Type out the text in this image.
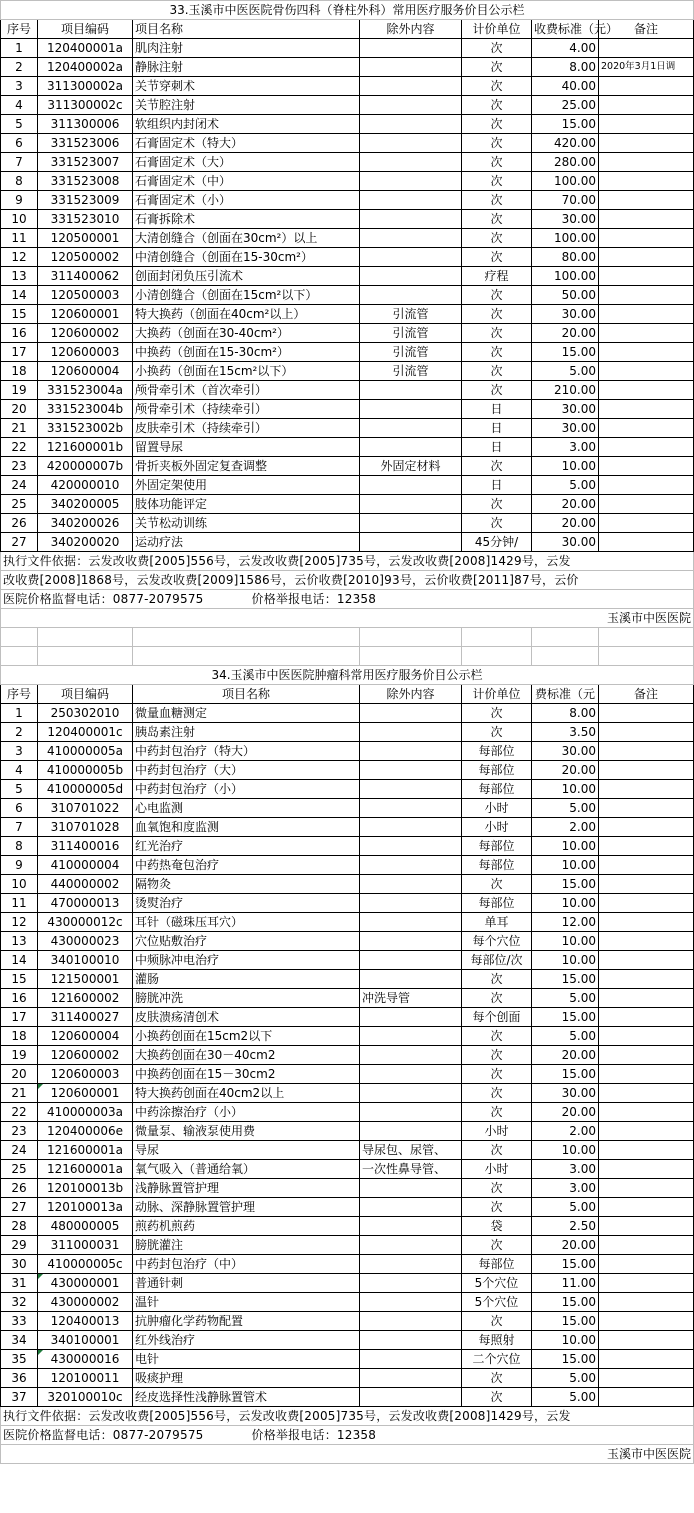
33.玉溪市中医医院骨伤四科（脊柱外科）常用医疗服务价目公示栏						
序号	项目编码	项目名称	除外内容	计价单位	收费标准（元）	备注
1	120400001a	肌肉注射		次	4.00	
2	120400002a	静脉注射		次	8.00	2020年3月1日调
3	311300002a	关节穿刺术		次	40.00	
4	311300002c	关节腔注射		次	25.00	
5	311300006	软组织内封闭术		次	15.00	
6	331523006	石膏固定术（特大）		次	420.00	
7	331523007	石膏固定术（大）		次	280.00	
8	331523008	石膏固定术（中）		次	100.00	
9	331523009	石膏固定术（小）		次	70.00	
10	331523010	石膏拆除术		次	30.00	
11	120500001	大清创缝合（创面在30cm²）以上		次	100.00	
12	120500002	中清创缝合（创面在15-30cm²）		次	80.00	
13	311400062	创面封闭负压引流术		疗程	100.00	
14	120500003	小清创缝合（创面在15cm²以下）		次	50.00	
15	120600001	特大换药（创面在40cm²以上）	引流管	次	30.00	
16	120600002	大换药（创面在30-40cm²）	引流管	次	20.00	
17	120600003	中换药（创面在15-30cm²）	引流管	次	15.00	
18	120600004	小换药（创面在15cm²以下）	引流管	次	5.00	
19	331523004a	颅骨牵引术（首次牵引）		次	210.00	
20	331523004b	颅骨牵引术（持续牵引）		日	30.00	
21	331523002b	皮肤牵引术（持续牵引）		日	30.00	
22	121600001b	留置导尿		日	3.00	
23	420000007b	骨折夹板外固定复查调整	外固定材料	次	10.00	
24	420000010	外固定架使用		日	5.00	
25	340200005	肢体功能评定		次	20.00	
26	340200026	关节松动训练		次	20.00	
27	340200020	运动疗法		45分钟/	30.00	
执行文件依据：云发改收费[2005]556号，云发改收费[2005]735号，云发改收费[2008]1429号，云发						
改收费[2008]1868号，云发改收费[2009]1586号，云价收费[2010]93号，云价收费[2011]87号，云价						
医院价格监督电话：0877-2079575 价格举报电话：12358						
玉溪市中医医院						

34.玉溪市中医医院肿瘤科常用医疗服务价目公示栏						
序号	项目编码	项目名称	除外内容	计价单位	费标准（元	备注
1	250302010	微量血糖测定		次	8.00	
2	120400001c	胰岛素注射		次	3.50	
3	410000005a	中药封包治疗（特大）		每部位	30.00	
4	410000005b	中药封包治疗（大）		每部位	20.00	
5	410000005d	中药封包治疗（小）		每部位	10.00	
6	310701022	心电监测		小时	5.00	
7	310701028	血氧饱和度监测		小时	2.00	
8	311400016	红光治疗		每部位	10.00	
9	410000004	中药热奄包治疗		每部位	10.00	
10	440000002	隔物灸		次	15.00	
11	470000013	烫熨治疗		每部位	10.00	
12	430000012c	耳针（磁珠压耳穴）		单耳	12.00	
13	430000023	穴位贴敷治疗		每个穴位	10.00	
14	340100010	中频脉冲电治疗		每部位/次	10.00	
15	121500001	灌肠		次	15.00	
16	121600002	膀胱冲洗	冲洗导管	次	5.00	
17	311400027	皮肤溃疡清创术		每个创面	15.00	
18	120600004	小换药创面在15cm2以下		次	5.00	
19	120600002	大换药创面在30－40cm2		次	20.00	
20	120600003	中换药创面在15－30cm2		次	15.00	
21	120600001	特大换药创面在40cm2以上		次	30.00	
22	410000003a	中药涂擦治疗（小）		次	20.00	
23	120400006e	微量泵、输液泵使用费		小时	2.00	
24	121600001a	导尿	导尿包、尿管、	次	10.00	
25	121600001a	氧气吸入（普通给氧）	一次性鼻导管、	小时	3.00	
26	120100013b	浅静脉置管护理		次	3.00	
27	120100013a	动脉、深静脉置管护理		次	5.00	
28	480000005	煎药机煎药		袋	2.50	
29	311000031	膀胱灌注		次	20.00	
30	410000005c	中药封包治疗（中）		每部位	15.00	
31	430000001	普通针刺		5个穴位	11.00	
32	430000002	温针		5个穴位	15.00	
33	120400013	抗肿瘤化学药物配置		次	15.00	
34	340100001	红外线治疗		每照射	10.00	
35	430000016	电针		二个穴位	15.00	
36	120100011	吸痰护理		次	5.00	
37	320100010c	经皮选择性浅静脉置管术		次	5.00	
执行文件依据：云发改收费[2005]556号，云发改收费[2005]735号，云发改收费[2008]1429号，云发						
医院价格监督电话：0877-2079575 价格举报电话：12358						
玉溪市中医医院						
